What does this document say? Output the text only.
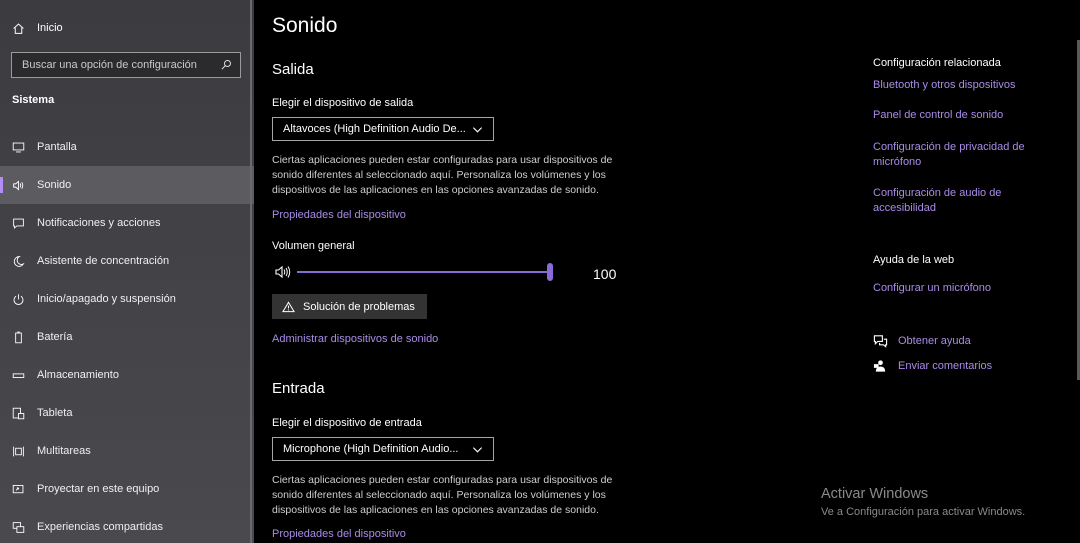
Inicio
Buscar una opción de configuración
Sistema
Pantalla
Sonido
Notificaciones y acciones
Asistente de concentración
Inicio/apagado y suspensión
Batería
Almacenamiento
Tableta
Multitareas
Proyectar en este equipo
Experiencias compartidas
Sonido
Salida
Elegir el dispositivo de salida
Altavoces (High Definition Audio De...
Ciertas aplicaciones pueden estar configuradas para usar dispositivos de sonido diferentes al seleccionado aquí. Personaliza los volúmenes y los dispositivos de las aplicaciones en las opciones avanzadas de sonido.
Propiedades del dispositivo
Volumen general
100
Solución de problemas
Administrar dispositivos de sonido
Entrada
Elegir el dispositivo de entrada
Microphone (High Definition Audio...
Ciertas aplicaciones pueden estar configuradas para usar dispositivos de sonido diferentes al seleccionado aquí. Personaliza los volúmenes y los dispositivos de las aplicaciones en las opciones avanzadas de sonido.
Propiedades del dispositivo
Configuración relacionada
Bluetooth y otros dispositivos
Panel de control de sonido
Configuración de privacidad de micrófono
Configuración de audio de accesibilidad
Ayuda de la web
Configurar un micrófono
Obtener ayuda
Enviar comentarios
Activar Windows
Ve a Configuración para activar Windows.
